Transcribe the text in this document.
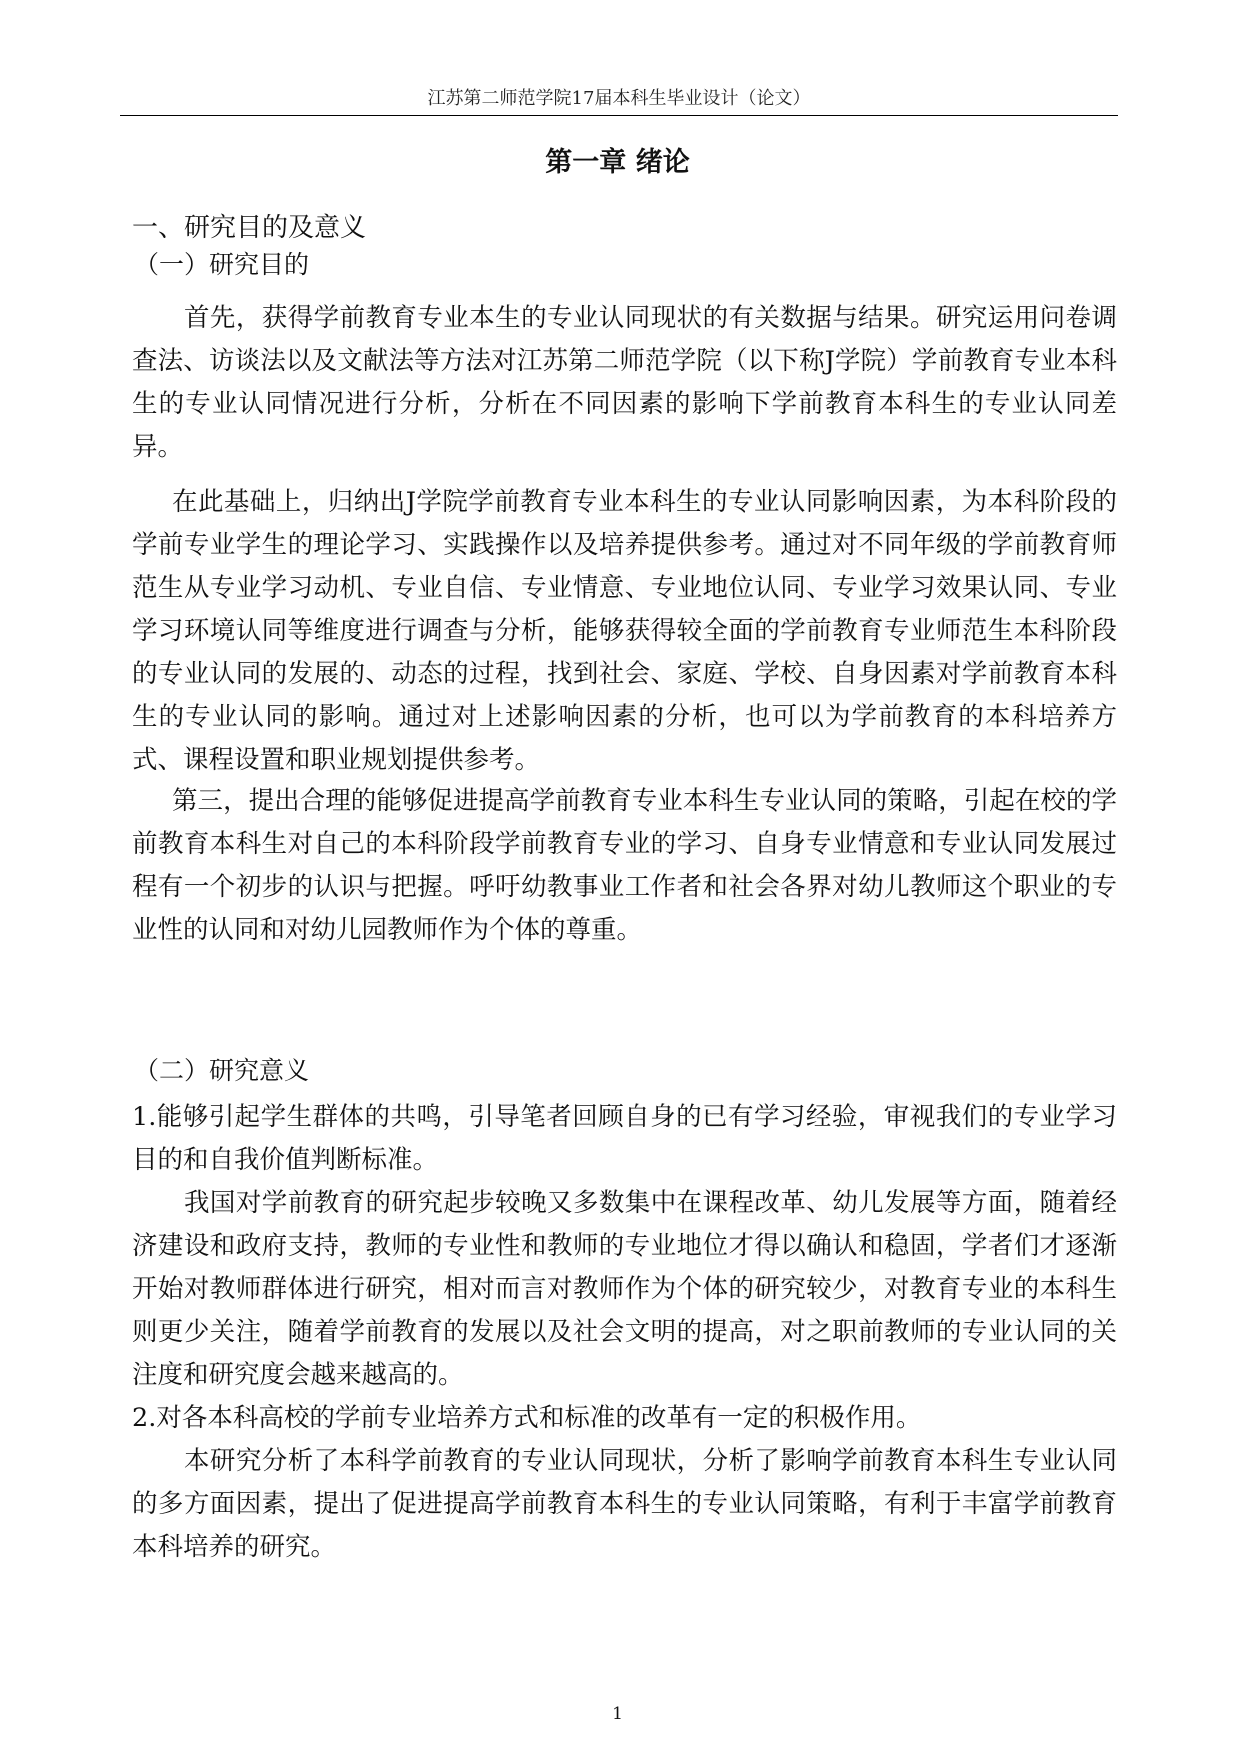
江苏第二师范学院17届本科生毕业设计（论文）
第一章 绪论
一、研究目的及意义
（一）研究目的

首先，获得学前教育专业本生的专业认同现状的有关数据与结果。研究运用问卷调查法、访谈法以及文献法等方法对江苏第二师范学院（以下称J学院）学前教育专业本科生的专业认同情况进行分析，分析在不同因素的影响下学前教育本科生的专业认同差异。

在此基础上，归纳出J学院学前教育专业本科生的专业认同影响因素，为本科阶段的学前专业学生的理论学习、实践操作以及培养提供参考。通过对不同年级的学前教育师范生从专业学习动机、专业自信、专业情意、专业地位认同、专业学习效果认同、专业学习环境认同等维度进行调查与分析，能够获得较全面的学前教育专业师范生本科阶段的专业认同的发展的、动态的过程，找到社会、家庭、学校、自身因素对学前教育本科生的专业认同的影响。通过对上述影响因素的分析，也可以为学前教育的本科培养方式、课程设置和职业规划提供参考。

第三，提出合理的能够促进提高学前教育专业本科生专业认同的策略，引起在校的学前教育本科生对自己的本科阶段学前教育专业的学习、自身专业情意和专业认同发展过程有一个初步的认识与把握。呼吁幼教事业工作者和社会各界对幼儿教师这个职业的专业性的认同和对幼儿园教师作为个体的尊重。

（二）研究意义

1.能够引起学生群体的共鸣，引导笔者回顾自身的已有学习经验，审视我们的专业学习目的和自我价值判断标准。

我国对学前教育的研究起步较晚又多数集中在课程改革、幼儿发展等方面，随着经济建设和政府支持，教师的专业性和教师的专业地位才得以确认和稳固，学者们才逐渐开始对教师群体进行研究，相对而言对教师作为个体的研究较少，对教育专业的本科生则更少关注，随着学前教育的发展以及社会文明的提高，对之职前教师的专业认同的关注度和研究度会越来越高的。

2.对各本科高校的学前专业培养方式和标准的改革有一定的积极作用。

本研究分析了本科学前教育的专业认同现状，分析了影响学前教育本科生专业认同的多方面因素，提出了促进提高学前教育本科生的专业认同策略，有利于丰富学前教育本科培养的研究。

1
